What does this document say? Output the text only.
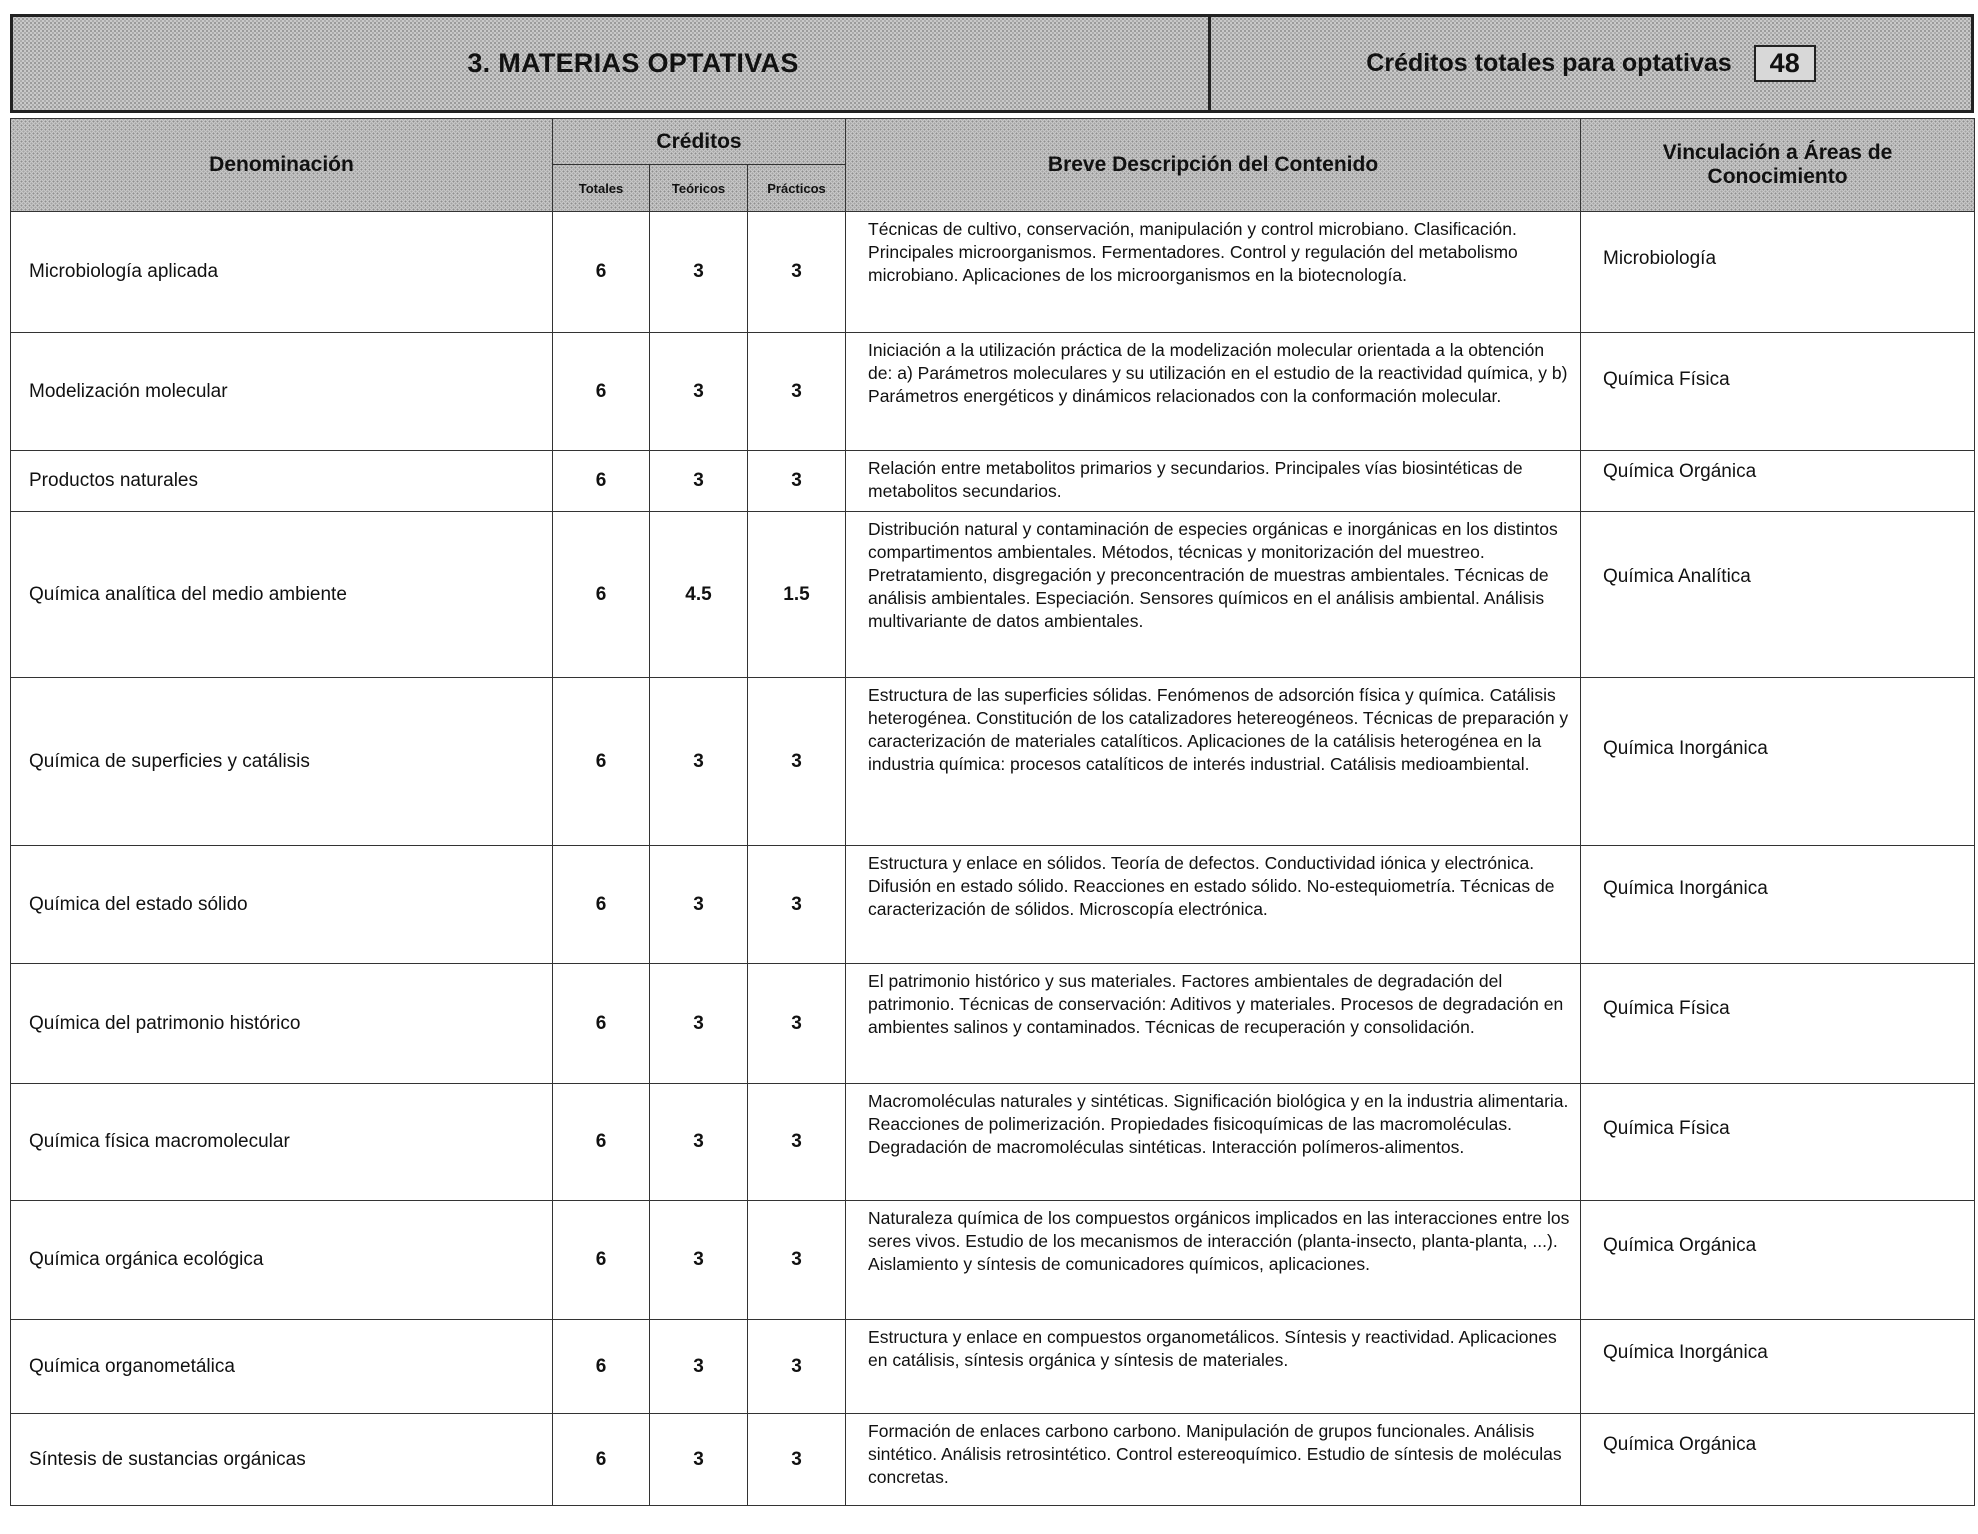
3. MATERIAS OPTATIVAS	Créditos totales para optativas	48
Denominación	Créditos			Breve Descripción del Contenido	Vinculación a Áreas de
Conocimiento

	Totales	Teóricos	Prácticos		
Microbiología aplicada	6	3	3	Técnicas de cultivo, conservación, manipulación y control microbiano. Clasificación. Principales microorganismos. Fermentadores. Control y regulación del metabolismo microbiano. Aplicaciones de los microorganismos en la biotecnología.	Microbiología
Modelización molecular	6	3	3	Iniciación a la utilización práctica de la modelización molecular orientada a la obtención de: a) Parámetros moleculares y su utilización en el estudio de la reactividad química, y b) Parámetros energéticos y dinámicos relacionados con la conformación molecular.	Química Física
Productos naturales	6	3	3	Relación entre metabolitos primarios y secundarios. Principales vías biosintéticas de metabolitos secundarios.	Química Orgánica
Química analítica del medio ambiente	6	4.5	1.5	Distribución natural y contaminación de especies orgánicas e inorgánicas en los distintos compartimentos ambientales. Métodos, técnicas y monitorización del muestreo. Pretratamiento, disgregación y preconcentración de muestras ambientales. Técnicas de análisis ambientales. Especiación. Sensores químicos en el análisis ambiental. Análisis multivariante de datos ambientales.	Química Analítica
Química de superficies y catálisis	6	3	3	Estructura de las superficies sólidas. Fenómenos de adsorción física y química. Catálisis heterogénea. Constitución de los catalizadores hetereogéneos. Técnicas de preparación y caracterización de materiales catalíticos. Aplicaciones de la catálisis heterogénea en la industria química: procesos catalíticos de interés industrial. Catálisis medioambiental.	Química Inorgánica
Química del estado sólido	6	3	3	Estructura y enlace en sólidos. Teoría de defectos. Conductividad iónica y electrónica. Difusión en estado sólido. Reacciones en estado sólido. No-estequiometría. Técnicas de caracterización de sólidos. Microscopía electrónica.	Química Inorgánica
Química del patrimonio histórico	6	3	3	El patrimonio histórico y sus materiales. Factores ambientales de degradación del patrimonio. Técnicas de conservación: Aditivos y materiales. Procesos de degradación en ambientes salinos y contaminados. Técnicas de recuperación y consolidación.	Química Física
Química física macromolecular	6	3	3	Macromoléculas naturales y sintéticas. Significación biológica y en la industria alimentaria. Reacciones de polimerización. Propiedades fisicoquímicas de las macromoléculas. Degradación de macromoléculas sintéticas. Interacción polímeros-alimentos.	Química Física
Química orgánica ecológica	6	3	3	Naturaleza química de los compuestos orgánicos implicados en las interacciones entre los seres vivos. Estudio de los mecanismos de interacción (planta-insecto, planta-planta, ...). Aislamiento y síntesis de comunicadores químicos, aplicaciones.	Química Orgánica
Química organometálica	6	3	3	Estructura y enlace en compuestos organometálicos. Síntesis y reactividad. Aplicaciones en catálisis, síntesis orgánica y síntesis de materiales.	Química Inorgánica
Síntesis de sustancias orgánicas	6	3	3	Formación de enlaces carbono carbono. Manipulación de grupos funcionales. Análisis sintético. Análisis retrosintético. Control estereoquímico. Estudio de síntesis de moléculas concretas.	Química Orgánica
